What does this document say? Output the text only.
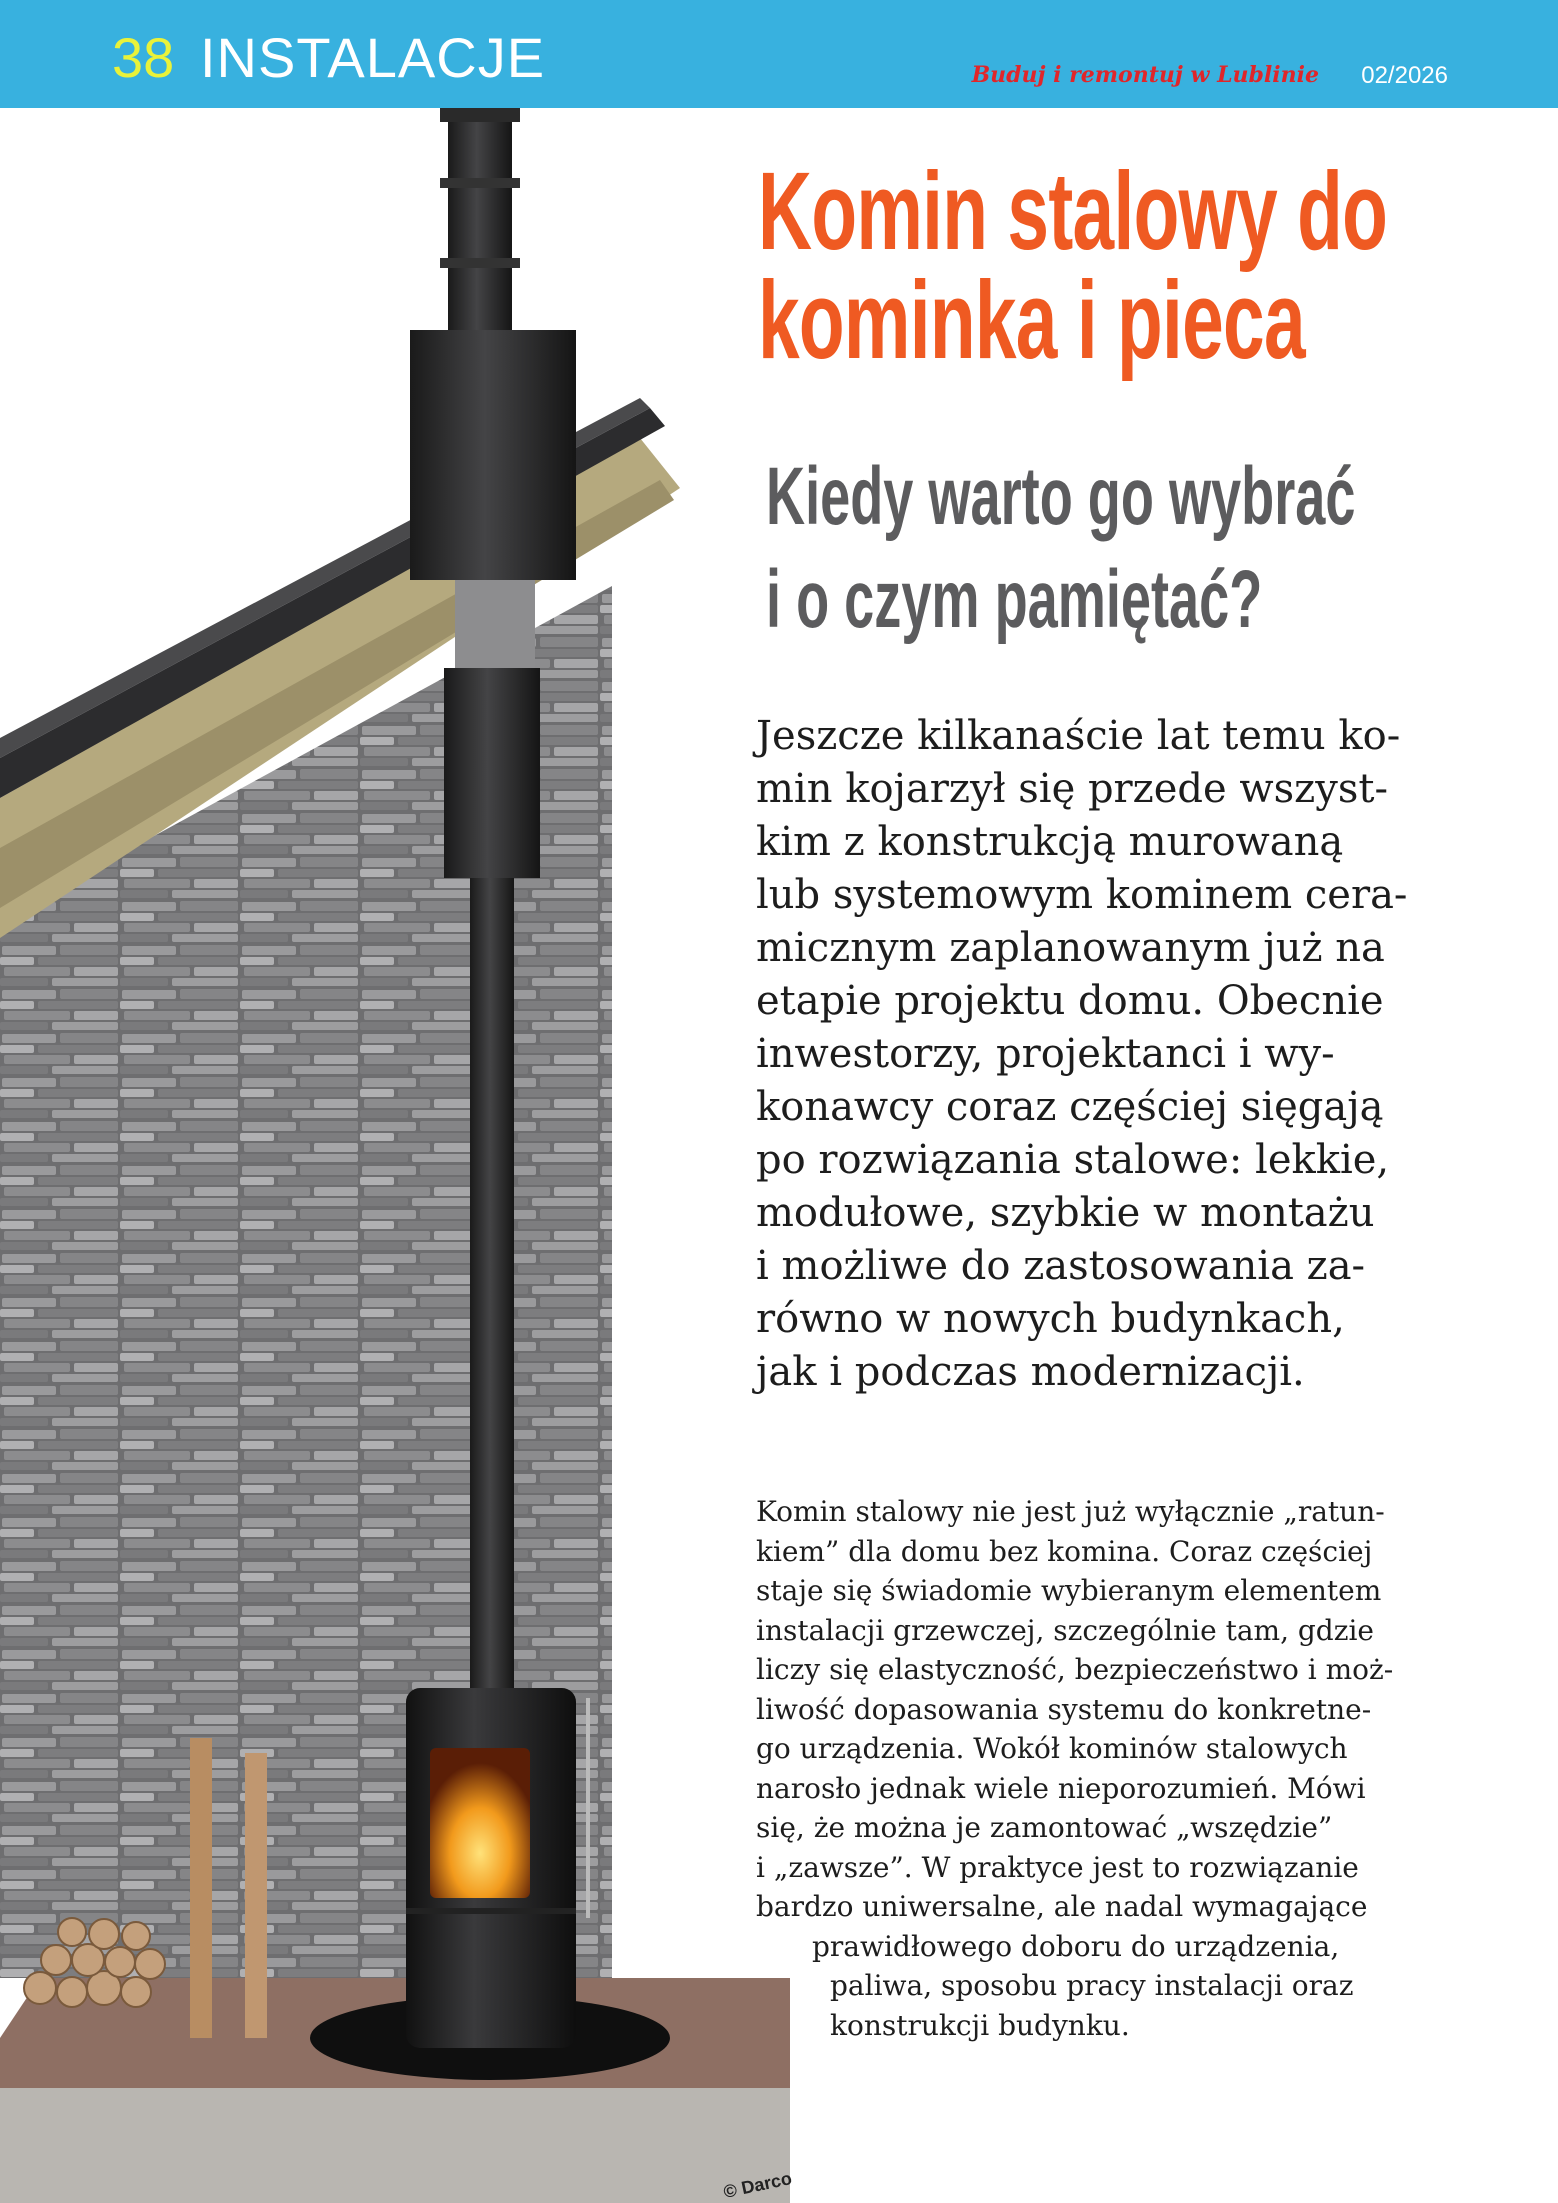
38 INSTALACJE	Buduj i remontuj w Lublinie 02/2026
Komin stalowy do
kominka i pieca
Kiedy warto go wybrać
i o czym pamiętać?

Jeszcze kilkanaście lat temu ko-
min kojarzył się przede wszyst-
kim z konstrukcją murowaną
lub systemowym kominem cera-
micznym zaplanowanym już na
etapie projektu domu. Obecnie
inwestorzy, projektanci i wy-
konawcy coraz częściej sięgają
po rozwiązania stalowe: lekkie,
modułowe, szybkie w montażu
i możliwe do zastosowania za-
równo w nowych budynkach,
jak i podczas modernizacji.

Komin stalowy nie jest już wyłącznie „ratun-
kiem” dla domu bez komina. Coraz częściej
staje się świadomie wybieranym elementem
instalacji grzewczej, szczególnie tam, gdzie
liczy się elastyczność, bezpieczeństwo i moż-
liwość dopasowania systemu do konkretne-
go urządzenia. Wokół kominów stalowych
narosło jednak wiele nieporozumień. Mówi
się, że można je zamontować „wszędzie”
i „zawsze”. W praktyce jest to rozwiązanie
bardzo uniwersalne, ale nadal wymagające
prawidłowego doboru do urządzenia,
paliwa, sposobu pracy instalacji oraz
konstrukcji budynku.

© Darco
